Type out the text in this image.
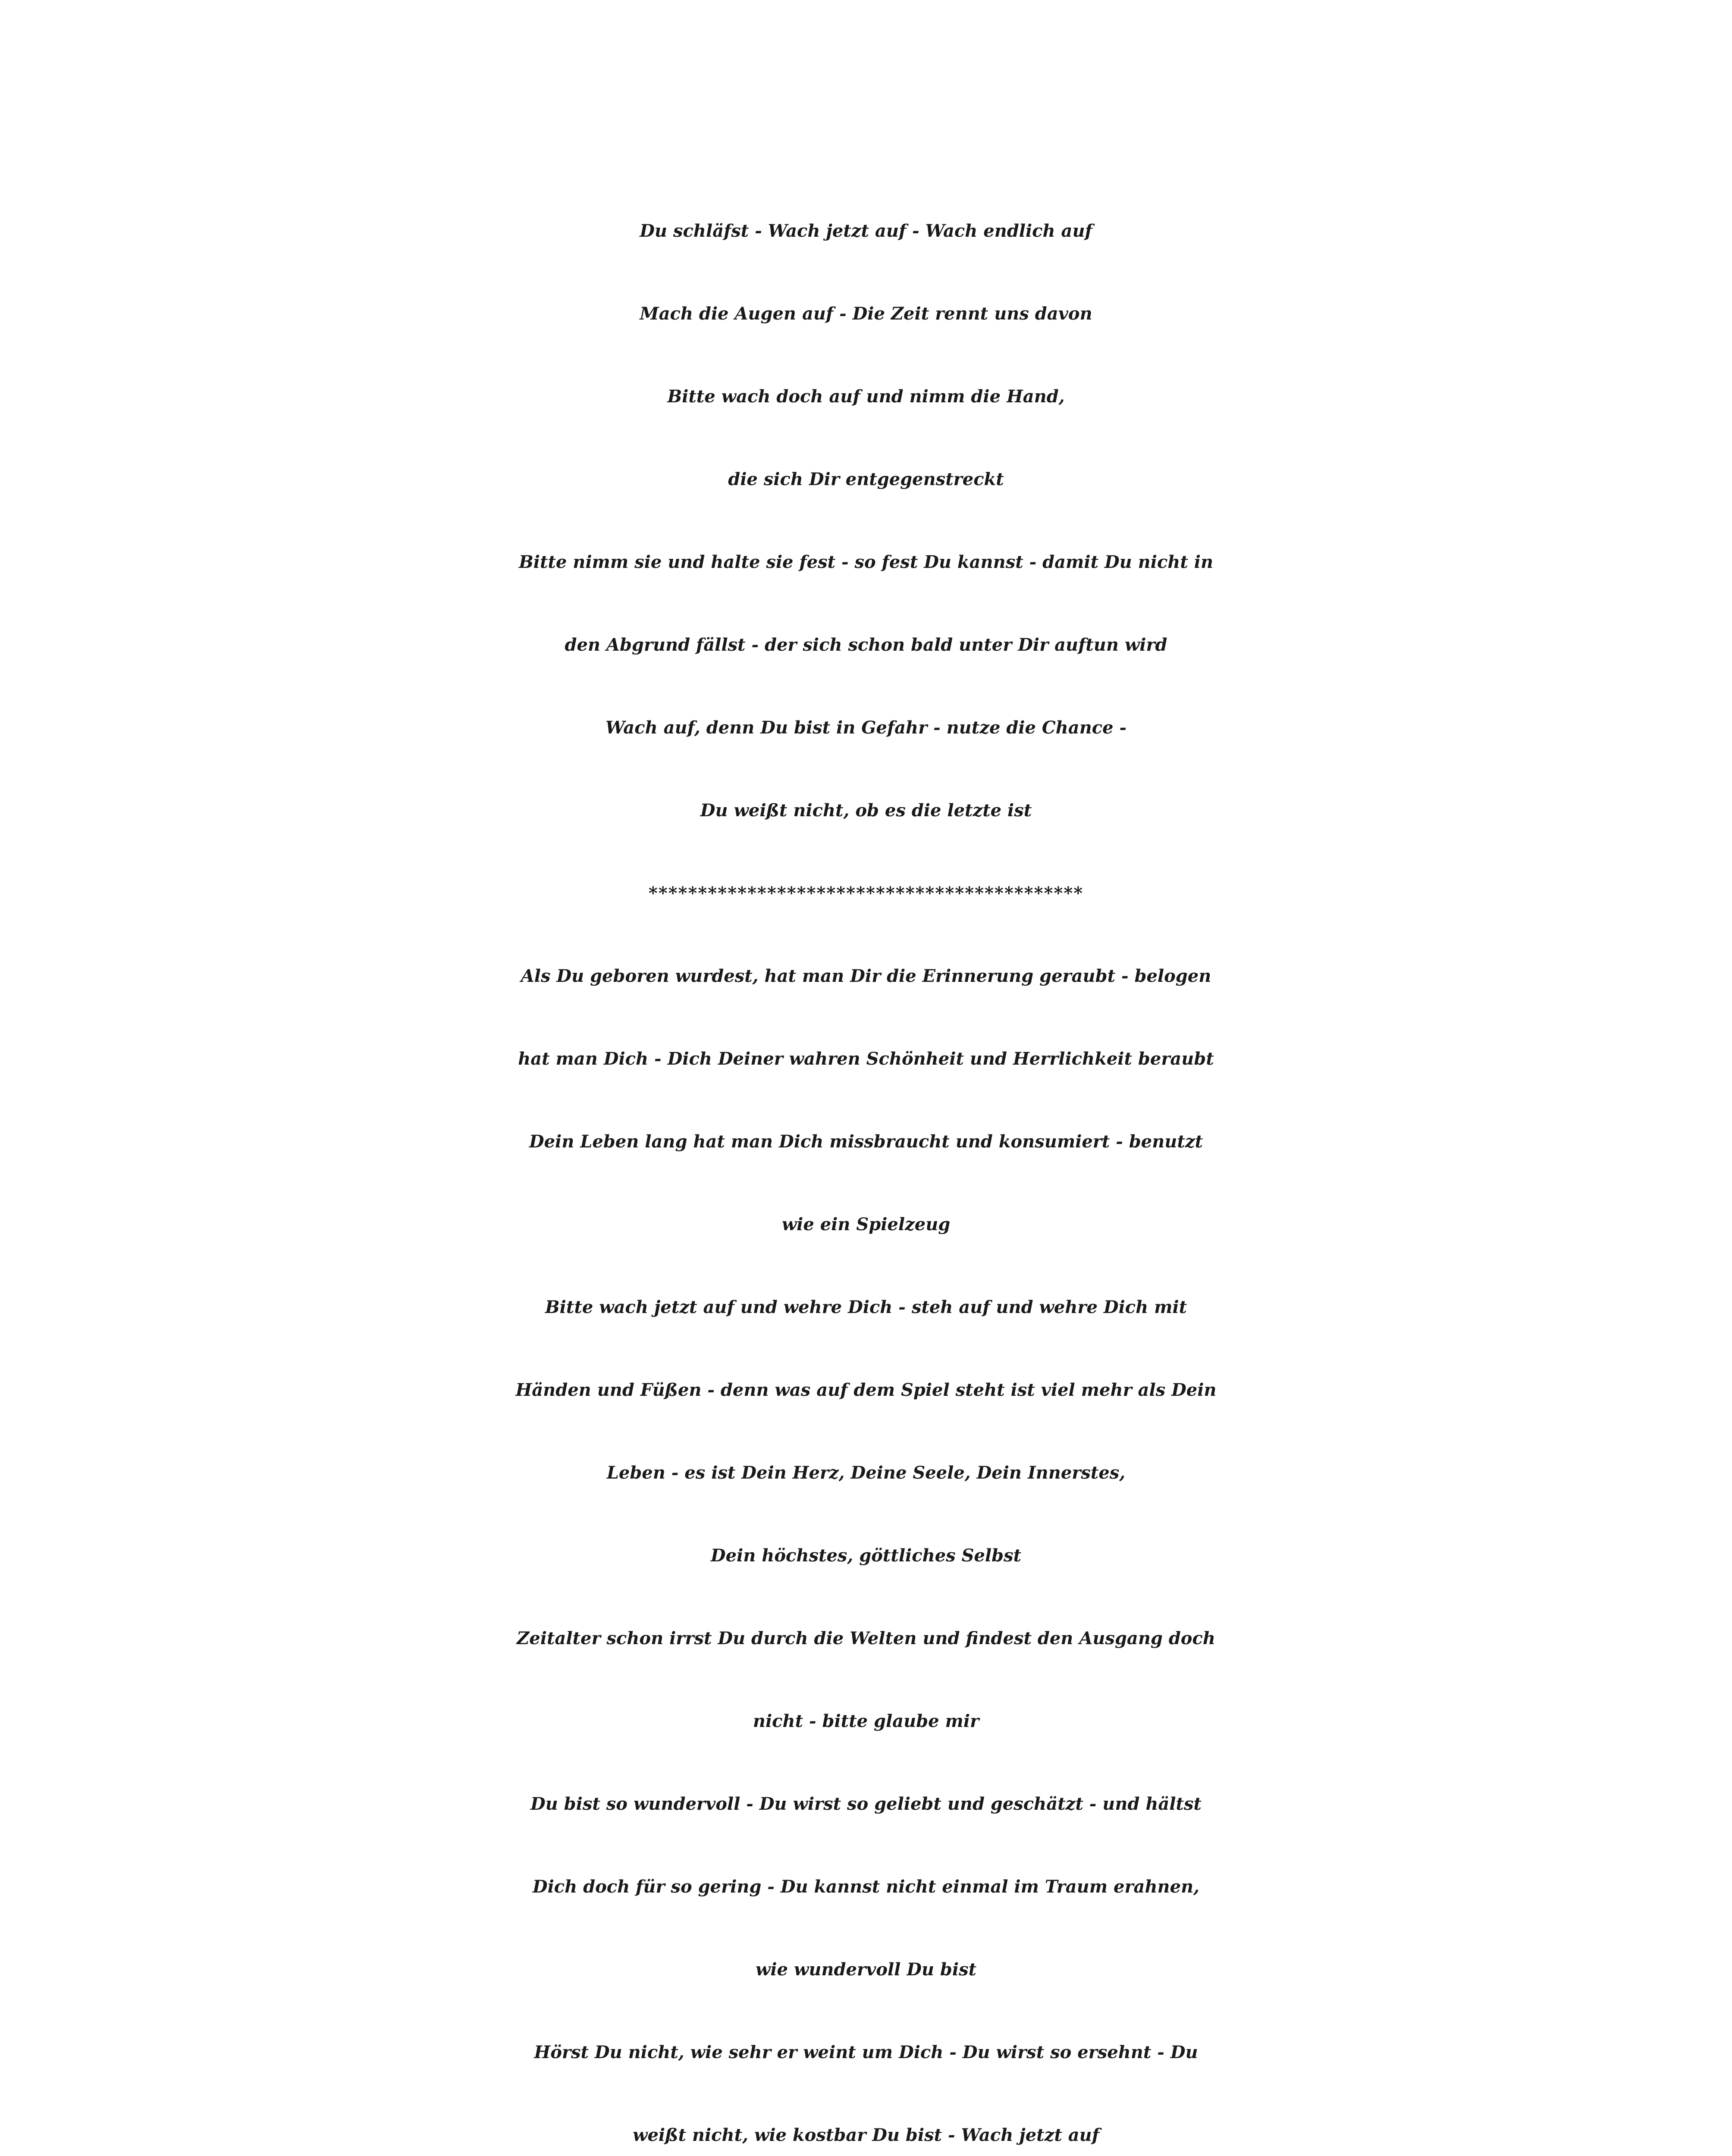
Du schläfst - Wach jetzt auf - Wach endlich auf
Mach die Augen auf - Die Zeit rennt uns davon
Bitte wach doch auf und nimm die Hand,
die sich Dir entgegenstreckt
Bitte nimm sie und halte sie fest - so fest Du kannst - damit Du nicht in
den Abgrund fällst - der sich schon bald unter Dir auftun wird
Wach auf, denn Du bist in Gefahr - nutze die Chance -
Du weißt nicht, ob es die letzte ist
********************************************
Als Du geboren wurdest, hat man Dir die Erinnerung geraubt - belogen
hat man Dich - Dich Deiner wahren Schönheit und Herrlichkeit beraubt
Dein Leben lang hat man Dich missbraucht und konsumiert - benutzt
wie ein Spielzeug
Bitte wach jetzt auf und wehre Dich - steh auf und wehre Dich mit
Händen und Füßen - denn was auf dem Spiel steht ist viel mehr als Dein
Leben - es ist Dein Herz, Deine Seele, Dein Innerstes,
Dein höchstes, göttliches Selbst
Zeitalter schon irrst Du durch die Welten und findest den Ausgang doch
nicht - bitte glaube mir
Du bist so wundervoll - Du wirst so geliebt und geschätzt - und hältst
Dich doch für so gering - Du kannst nicht einmal im Traum erahnen,
wie wundervoll Du bist
Hörst Du nicht, wie sehr er weint um Dich - Du wirst so ersehnt - Du
weißt nicht, wie kostbar Du bist - Wach jetzt auf
